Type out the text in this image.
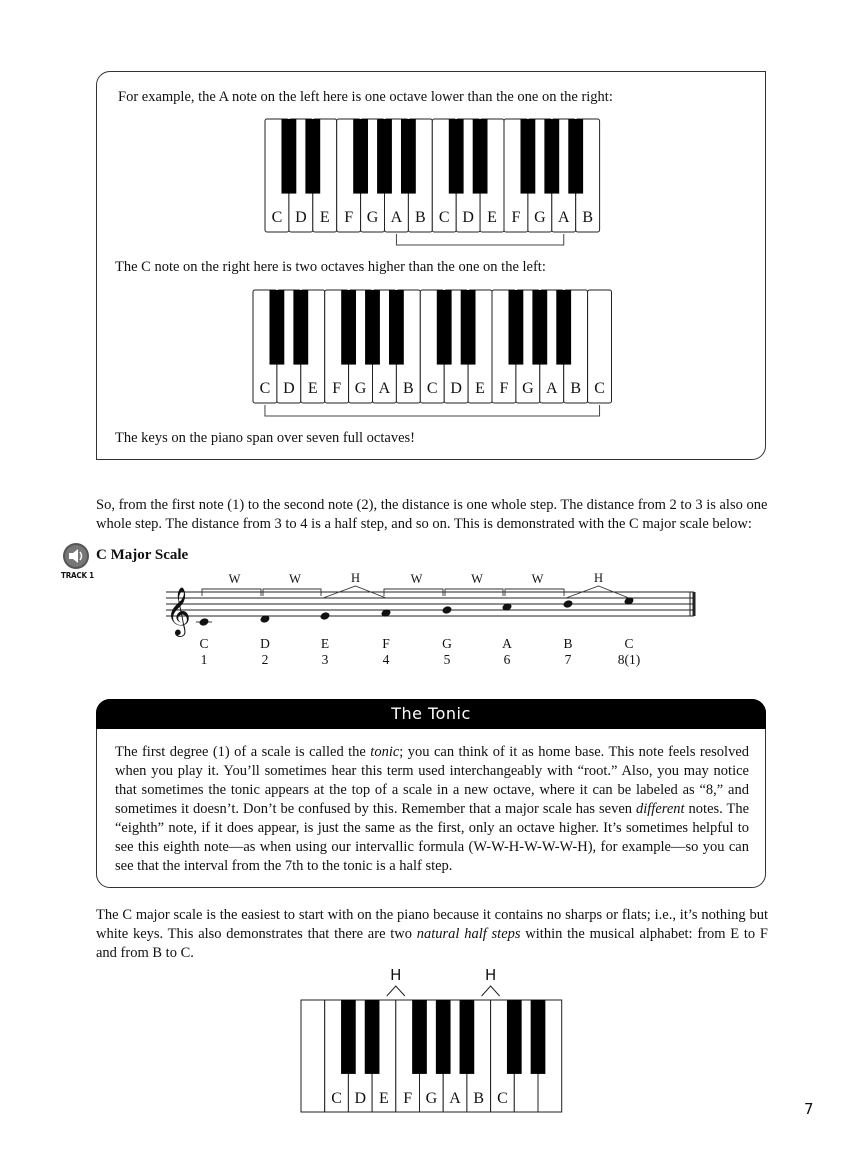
For example, the A note on the left here is one octave lower than the one on the right:
C D E F G A B C D E F G A B
The C note on the right here is two octaves higher than the one on the left:
C D E F G A B C D E F G A B C
The keys on the piano span over seven full octaves!
So, from the first note (1) to the second note (2), the distance is one whole step. The distance from 2 to 3 is also one
whole step. The distance from 3 to 4 is a half step, and so on. This is demonstrated with the C major scale below:
TRACK 1
C Major Scale
𝄞
C
1
D
2
E
3
F
4
G
5
A
6
B
7
C
8(1)
W	W	H	W	W	W	H
The Tonic
The first degree (1) of a scale is called the tonic; you can think of it as home base. This note feels resolved
when you play it. You’ll sometimes hear this term used interchangeably with “root.” Also, you may notice
that sometimes the tonic appears at the top of a scale in a new octave, where it can be labeled as “8,” and
sometimes it doesn’t. Don’t be confused by this. Remember that a major scale has seven different notes. The
“eighth” note, if it does appear, is just the same as the first, only an octave higher. It’s sometimes helpful to
see this eighth note—as when using our intervallic formula (W-W-H-W-W-W-H), for example—so you can
see that the interval from the 7th to the tonic is a half step.
The C major scale is the easiest to start with on the piano because it contains no sharps or flats; i.e., it’s nothing but
white keys. This also demonstrates that there are two natural half steps within the musical alphabet: from E to F
and from B to C.
C D E F G A B C
H	H
7
